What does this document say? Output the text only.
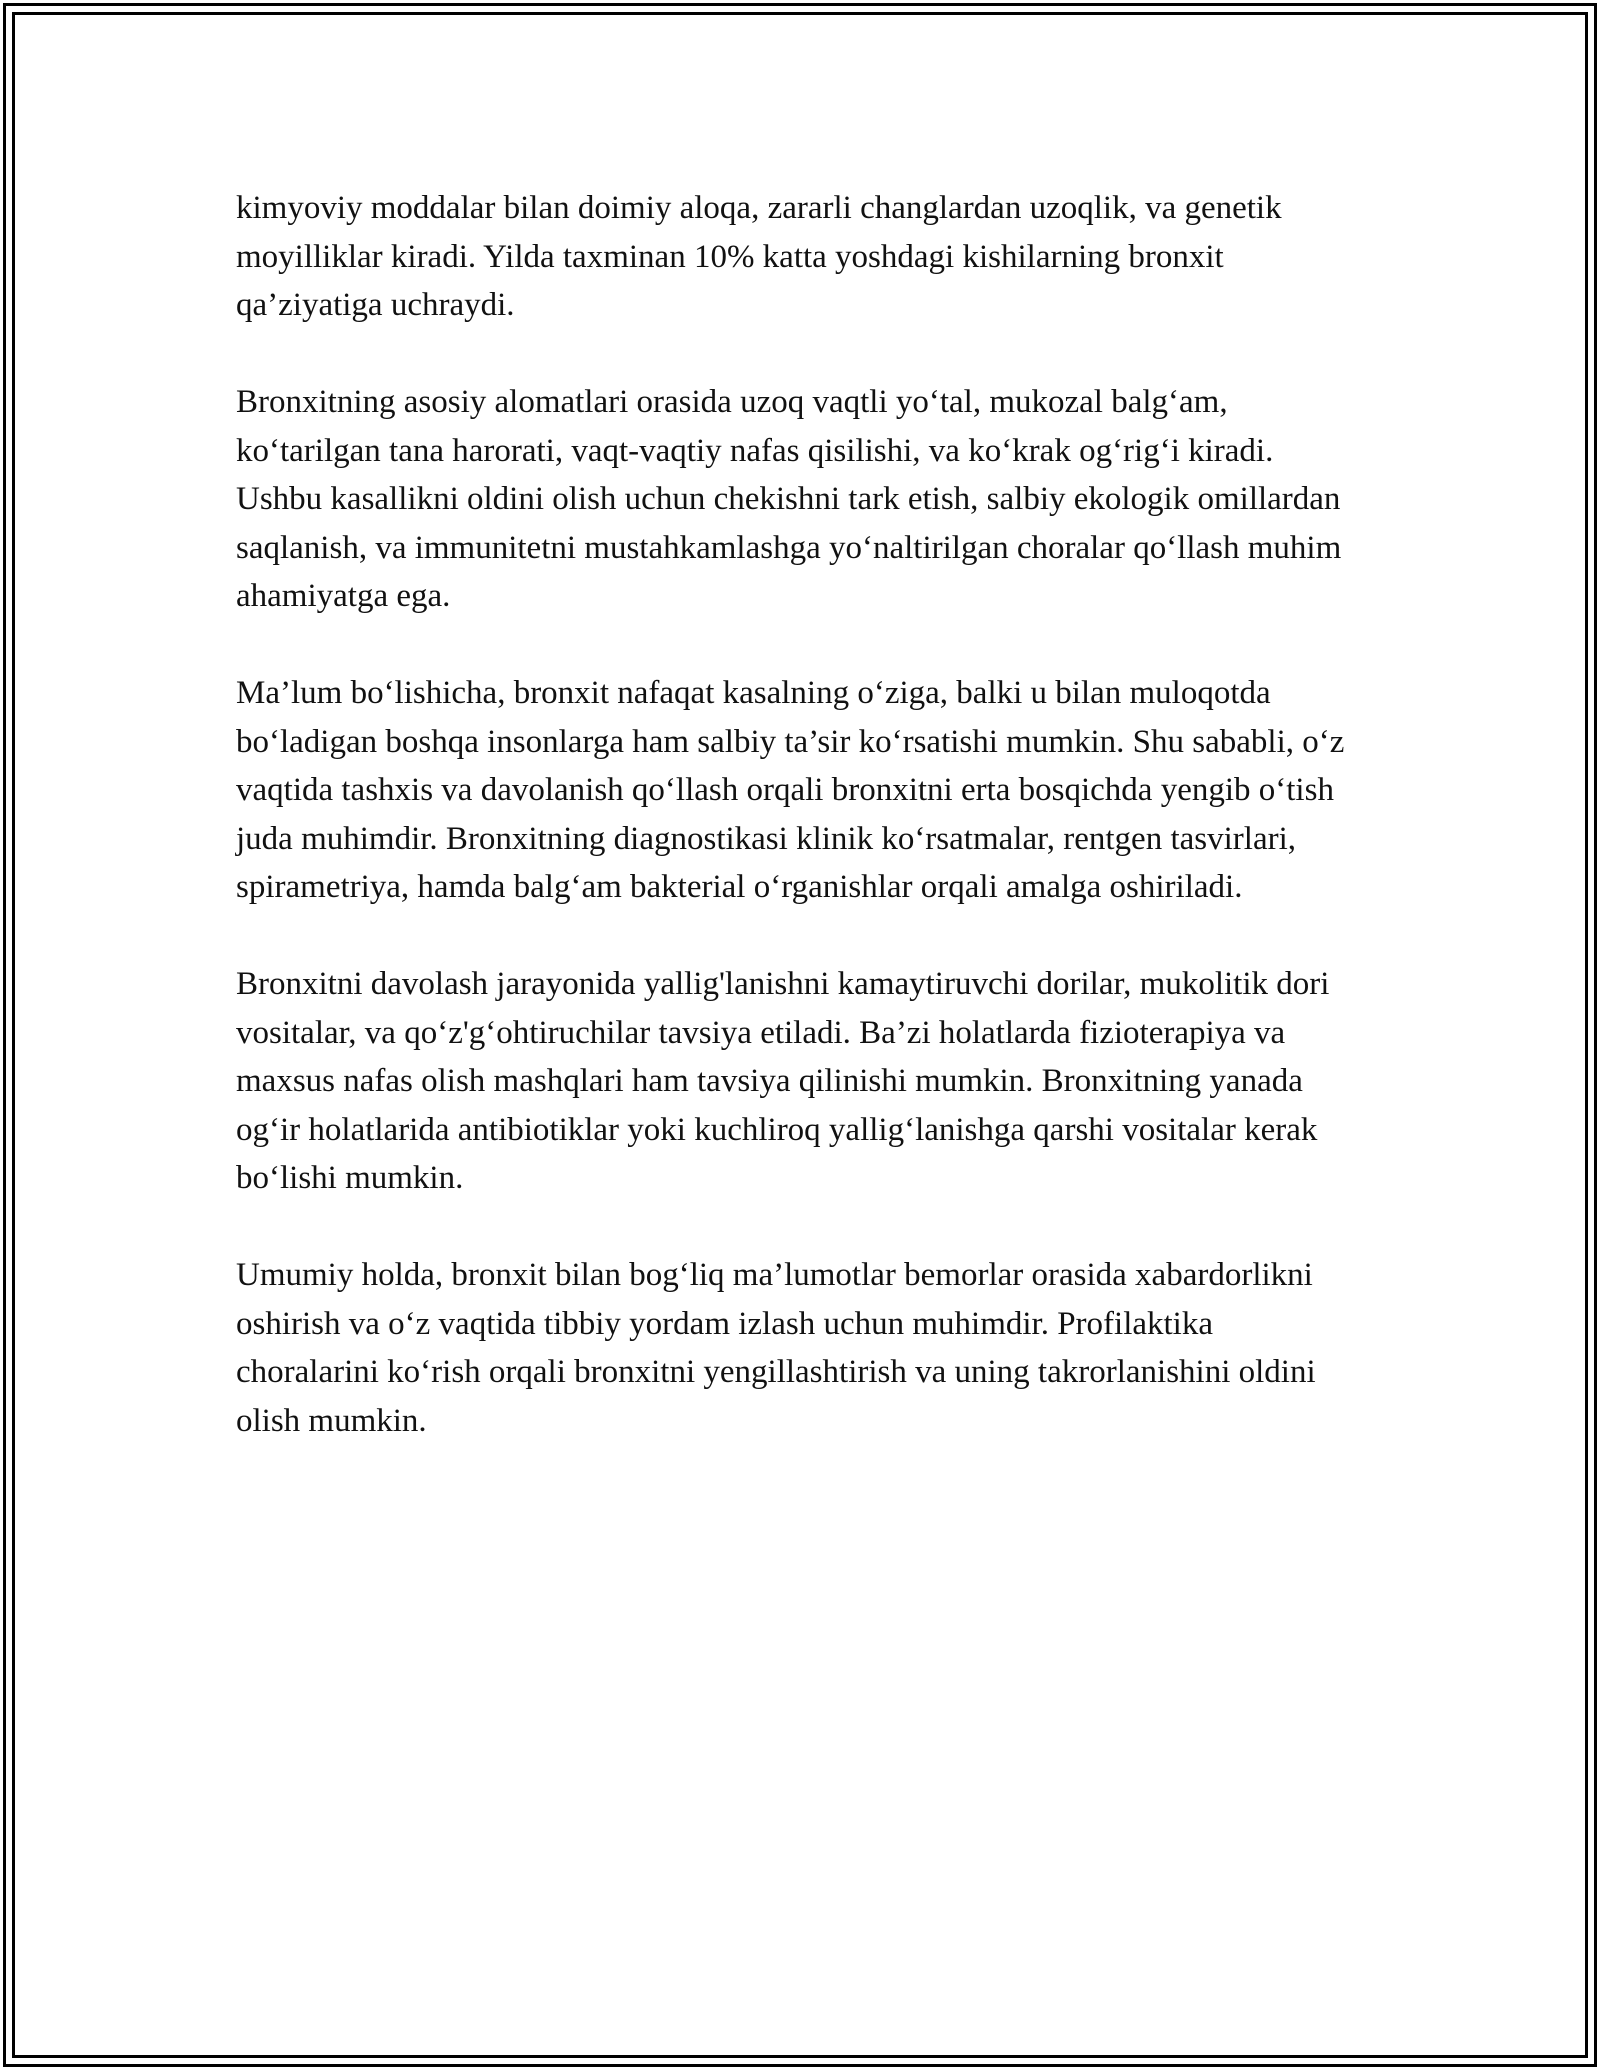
kimyoviy moddalar bilan doimiy aloqa, zararli changlardan uzoqlik, va genetik moyilliklar kiradi. Yilda taxminan 10% katta yoshdagi kishilarning bronxit qa’ziyatiga uchraydi.

Bronxitning asosiy alomatlari orasida uzoq vaqtli yo‘tal, mukozal balg‘am, ko‘tarilgan tana harorati, vaqt-vaqtiy nafas qisilishi, va ko‘krak og‘rig‘i kiradi. Ushbu kasallikni oldini olish uchun chekishni tark etish, salbiy ekologik omillardan saqlanish, va immunitetni mustahkamlashga yo‘naltirilgan choralar qo‘llash muhim ahamiyatga ega.

Ma’lum bo‘lishicha, bronxit nafaqat kasalning o‘ziga, balki u bilan muloqotda bo‘ladigan boshqa insonlarga ham salbiy ta’sir ko‘rsatishi mumkin. Shu sababli, o‘z vaqtida tashxis va davolanish qo‘llash orqali bronxitni erta bosqichda yengib o‘tish juda muhimdir. Bronxitning diagnostikasi klinik ko‘rsatmalar, rentgen tasvirlari, spirametriya, hamda balg‘am bakterial o‘rganishlar orqali amalga oshiriladi.

Bronxitni davolash jarayonida yallig'lanishni kamaytiruvchi dorilar, mukolitik dori vositalar, va qo‘z'g‘ohtiruchilar tavsiya etiladi. Ba’zi holatlarda fizioterapiya va maxsus nafas olish mashqlari ham tavsiya qilinishi mumkin. Bronxitning yanada og‘ir holatlarida antibiotiklar yoki kuchliroq yallig‘lanishga qarshi vositalar kerak bo‘lishi mumkin.

Umumiy holda, bronxit bilan bog‘liq ma’lumotlar bemorlar orasida xabardorlikni oshirish va o‘z vaqtida tibbiy yordam izlash uchun muhimdir. Profilaktika choralarini ko‘rish orqali bronxitni yengillashtirish va uning takrorlanishini oldini olish mumkin.
